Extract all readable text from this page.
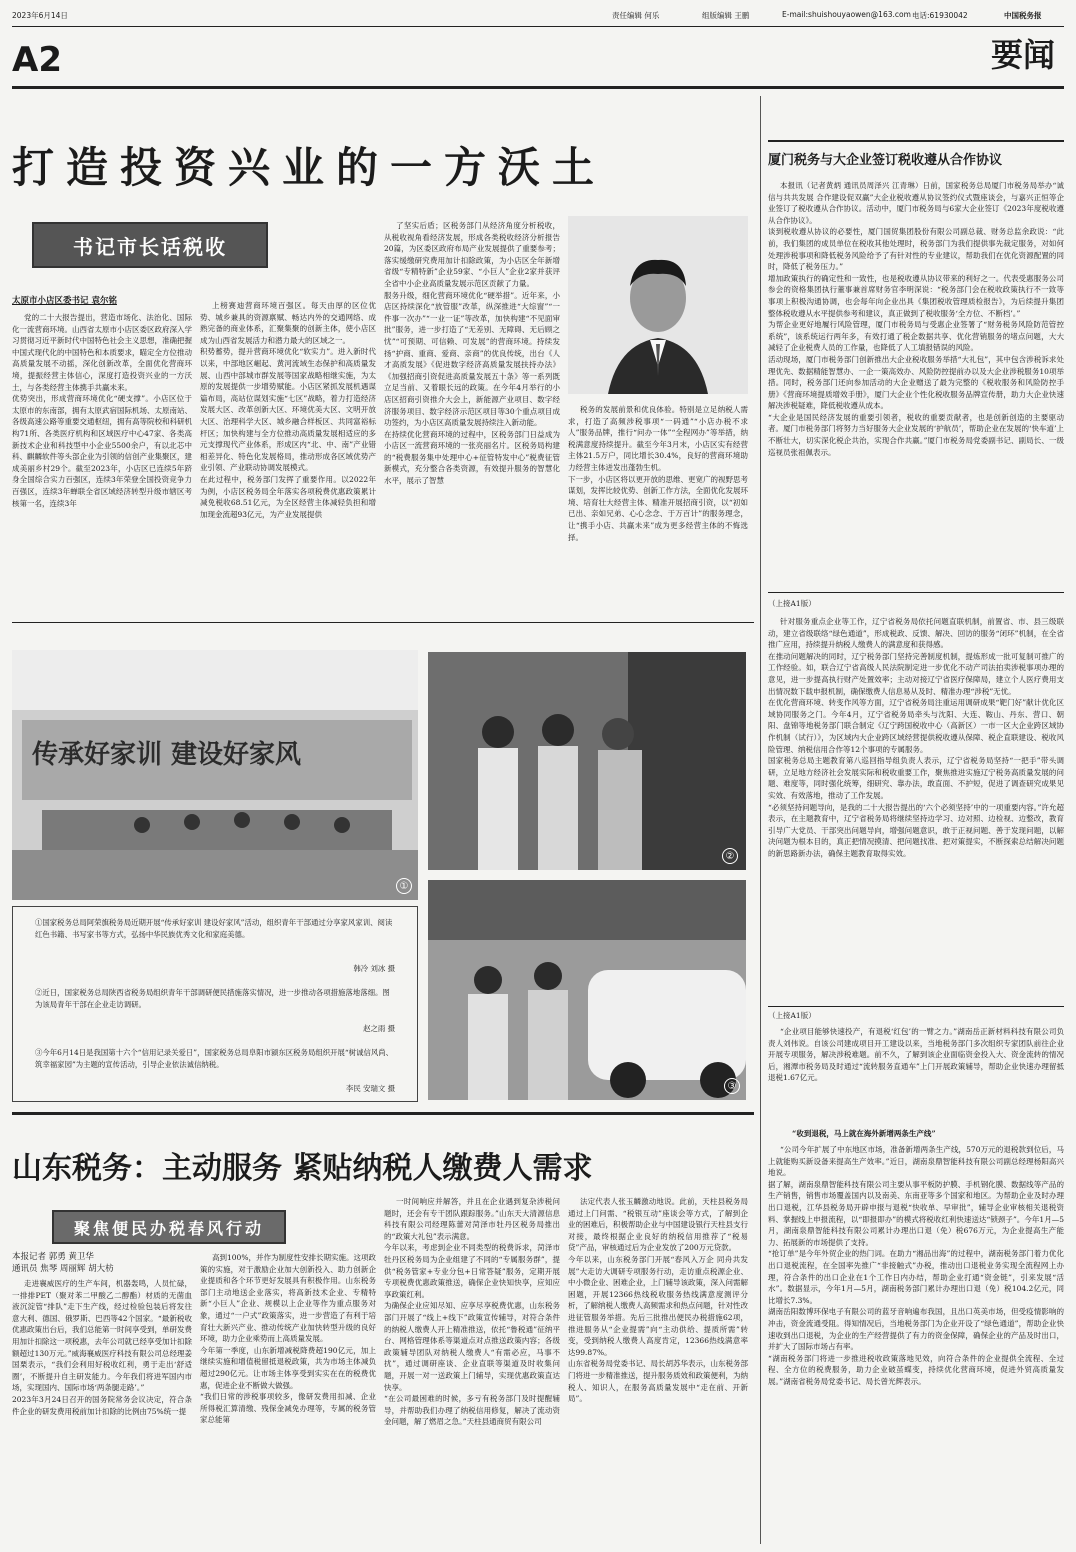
2023年6月14日	责任编辑 何乐	组版编辑 王鹏	E-mail:shuishouyaowen@163.com 电话:61930042	中国税务报
A2	要闻
打造投资兴业的一方沃土
书记市长话税收
太原市小店区委书记 袁尔铭
党的二十大报告提出，营造市场化、法治化、国际化一流营商环境。山西省太原市小店区委区政府深入学习贯彻习近平新时代中国特色社会主义思想，准确把握中国式现代化的中国特色和本质要求，瞄定全方位推动高质量发展不动摇，深化创新改革，全面优化营商环境，提振经营主体信心，深度打造投资兴业的一方沃土，与各类经营主体携手共赢未来。
优势突出，形成营商环境优化“硬支撑”。小店区位于太原市的东南部，拥有太原武宿国际机场、太原南站、各级高速公路等重要交通枢纽，拥有高等院校和科研机构71所、各类医疗机构和区域医疗中心47家、各类高新技术企业和科技型中小企业5500余户，有以北芯中科、麒麟软件等头部企业为引领的信创产业集聚区，建成美丽乡村29个。截至2023年，小店区已连续5年跻身全国综合实力百强区，连续3年荣登全国投资竞争力百强区，连续3年蝉联全省区域经济转型升级市辖区考核第一名，连续3年
上榜赛迪营商环境百强区。每天由厚的区位优势、城乡兼具的资源禀赋、畅达内外的交通网络、成熟完备的商业体系，汇聚集聚的创新主体，使小店区成为山西省发展活力和潜力最大的区域之一。
积势蓄势，提升营商环境优化“软实力”。进入新时代以来，中部地区崛起、黄河流域生态保护和高质量发展、山西中部城市群发展等国家战略相继实施，为太原的发展提供一步增势赋能。小店区紧抓发展机遇谋篇布局，高站位谋划实施“七区”战略，着力打造经济发展大区、改革创新大区、环境优美大区、文明开放大区、治理科学大区、城乡融合样板区、共同富裕标杆区；加快构建与全方位推动高质量发展相适应的多元支撑现代产业体系，形成区内“北、中、南”产业错相差异化、特色化发展格局，推动形成各区域优势产业引领、产业联动协调发展模式。
在此过程中，税务部门发挥了重要作用。以2022年为例，小店区税务局全年落实各项税费优惠政策累计减免税收68.51亿元，为全区经营主体减轻负担和增加现金流超93亿元，为产业发展提供
了坚实后盾；区税务部门从经济角度分析税收，从税收视角看经济发展，形成各类税收经济分析报告20篇，为区委区政府布局产业发展提供了重要参考；落实缓缴研究费用加计扣除政策，为小店区全年新增省级“专精特新”企业59家、“小巨人”企业2家并获评全省中小企业高质量发展示范区贡献了力量。
服务升级，细化营商环境优化“硬举措”。近年来，小店区持续深化“放管服”改革，纵深推进“大综窗”“一件事一次办”“一业一证”等改革，加快构建“不见面审批”服务，进一步打造了“无差别、无障碍、无后顾之忧”“可预期、可信赖、可发展”的营商环境。持续发扬“护商、重商、爱商、亲商”的优良传统，出台《人才高质发展》《促进数字经济高质量发展扶持办法》《加强招商引资促进高质量发展五十条》等一系列既立足当前、又着眼长远的政策。在今年4月举行的小店区招商引资推介大会上，新能源产业项目、数字经济服务项目、数字经济示范区项目等30个重点项目成功签约，为小店区高质量发展持续注入新动能。
在持续优化营商环境的过程中，区税务部门日益成为小店区一流营商环境的一张亮丽名片。区税务局构建的“税费服务集中处理中心+征管特发中心”税费征管新模式，充分整合各类资源，有效提升服务的智慧化水平，展示了智慧
税务的发展前景和优良体验。特别是立足纳税人需求，打造了高频涉税事项“一码通”“小店办税不求人”服务品牌，推行“问办一体”“全程网办”等举措，纳税满意度持续提升。截至今年3月末，小店区实有经营主体21.5万户，同比增长30.4%，良好的营商环境助力经营主体迸发出蓬勃生机。
下一步，小店区将以更开放的思维、更宽广的视野思考谋划，发挥比较优势、创新工作方法，全面优化发展环境、培育壮大经营主体、精准开展招商引资，以“初如已出、亲如兄弟、心心念念、于万百计”的服务理念，让“携手小店、共赢未来”成为更多经营主体的不悔选择。
传承好家训 建设好家风
①
②
③
①国家税务总局阿荣旗税务局近期开展“传承好家训 建设好家风”活动，组织青年干部通过分享家风家训、阅读红色书籍、书写家书等方式，弘扬中华民族优秀文化和家庭美德。
韩冷 刘冰 摄
②近日，国家税务总局陕西省税务局组织青年干部调研便民措施落实情况，进一步推动各项措施落地落细。图为该局青年干部在企业走访调研。
赵之雨 摄
③今年6月14日是我国第十六个“信用记录关爱日”，国家税务总局阜阳市颍东区税务局组织开展“树诚信风尚、筑幸福家园”为主题的宣传活动，引导企业依法诚信纳税。
李民 安瑞文 摄
山东税务：主动服务 紧贴纳税人缴费人需求
聚焦便民办税春风行动
本报记者 郭勇 黄卫华
通讯员 焦琴 周丽辉 胡大枋
走进襄威医疗的生产车间，机器轰鸣，人员忙碌，一排排PET（聚对苯二甲酸乙二醇酯）材质的无菌血液沉淀管“排队”走下生产线，经过检验包装后将发往意大利、德国、俄罗斯、巴西等42个国家。“最新税收优惠政策出台后，我们总能第一时间享受到，单研发费用加计扣除这一项税惠，去年公司就已经享受加计扣除额超过130万元。”威海襄威医疗科技有限公司总经理姜国栗表示，“我们会利用好税收红利，勇于走出‘舒适圈’，不断提升自主研发能力。今年我们将进军国内市场，实现国内、国际市场‘两条腿走路’。”
2023年3月24日召开的国务院常务会议决定，符合条件企业的研发费用税前加计扣除的比例由75%统一提
高到100%，并作为制度性安排长期实施。这项政策的实施，对于激励企业加大创新投入、助力创新企业提质和各个环节更好发展具有积极作用。山东税务部门主动地送企业落实，将高新技术企业、专精特新“小巨人”企业、规模以上企业等作为重点服务对象，通过“一户式”政策落实，进一步营造了有利于培育壮大新兴产业、推动传统产业加快转型升级的良好环境，助力企业乘势而上高质量发展。
今年第一季度，山东新增减税降费超190亿元，加上继续实施和增值税留抵退税政策，共为市场主体减负超过290亿元。让市场主体享受到实实在在的税费优惠，促进企业不断做大做强。
“我们日常的涉税事项较多，像研发费用扣减、企业所得税汇算清缴、残保金减免办理等，专属的税务管家总能第
一时间响应并解答，并且在企业遇到复杂涉税问题时，还会有专干团队跟踪服务。”山东天大清源信息科技有限公司经理陈蕾对菏泽市牡丹区税务局推出的“政策大礼包”表示满意。
今年以来，考虑到企业不同类型的税费诉求，菏泽市牡丹区税务局为企业组建了不同的“专属服务群”，提供“税务管家+专业分包+日常答疑”服务，定期开展专项税费优惠政策推送，确保企业快知快享，应知应享政策红利。
为确保企业应知尽知、应享尽享税费优惠，山东税务部门开展了“线上+线下”政策宣传辅导，对符合条件的纳税人缴费人开上精准推送，依托“鲁税通”征纳平台、网格管理体系等渠道点对点推送政策内容；各级政策辅导团队对纳税人缴费人“有需必应，马事不扰”，通过调研座谈、企业直联等渠道及时收集问题，开展一对一送政策上门辅导，实现优惠政策直达快享。
“在公司最困难的时候，多亏有税务部门及时提醒辅导，并帮助我们办理了纳税信用修复，解决了流动资金问题，解了燃眉之急。”天柱县通商贸有限公司
法定代表人张玉麟激动地说。此前，天柱县税务局通过上门问需、“税银互动”座谈会等方式，了解到企业的困难后，积极帮助企业与中国建设银行天柱县支行对接，最终根据企业良好的纳税信用推荐了“税易贷”产品，审核通过后为企业发放了200万元贷款。
今年以来，山东税务部门开展“春风入万企 同舟共发展”大走访大调研专项服务行动，走访重点税源企业、中小微企业、困难企业，上门辅导该政策，深入问需解困题，开展12366热线税收服务热线满意度测评分析，了解纳税人缴费人高频需求和热点问题，针对性改进征管服务举措。先后三批推出便民办税措施62项，推进服务从“企业提需”向“主动供给、提质所需”转变，受到纳税人缴费人高度肯定，12366热线满意率达99.87%。
山东省税务局党委书记、局长胡苏华表示，山东税务部门将进一步精准推送，提升服务质效和政策便利，为纳税人、知识人，在服务高质量发展中“走在前、开新局”。
厦门税务与大企业签订税收遵从合作协议
本报讯（记者黄炳 通讯员周泽兴 江青琳）日前，国家税务总局厦门市税务局举办“诚信与共共发展 合作建设促双赢”大企业税收遵从协议签约仪式暨座谈会，与嘉兴正恒等企业签订了税收遵从合作协议。活动中，厦门市税务局与6家大企业签订《2023年度税收遵从合作协议》。
谈到税收遵从协议的必要性，厦门国贸集团股份有限公司副总裁、财务总监余政说：“此前，我们集团的成员单位在税收其他处理时，税务部门为我们提供事先裁定服务，对如何处理涉税事项和降低税务风险给予了有针对性的专业建议，帮助我们在优化资源配置的同时，降低了税务压力。”
增加政策执行的确定性和一致性，也是税收遵从协议带来的利好之一。代表受惠服务公司参会的资格集团执行董事兼首席财务官李明深说：“税务部门会在税收政策执行不一致等事项上积极沟通协调，也会每年向企业出具《集团税收管理质检报告》，为后续提升集团整体税收遵从水平提供参考和建议，真正做到了税收服务‘全方位、不断档’。”
为帮企业更好地履行风险管理，厦门市税务局与受惠企业签署了“财务税务风险防范管控系统”，该系统运行两年多，有效打通了税企数据共享、优化营销服务的堵点问题，大大减轻了企业税费人员的工作量，也降低了人工填报错误的风险。
活动现场，厦门市税务部门创新推出大企业税收服务举措“大礼包”，其中包含涉税诉求处理优先、数据精能智慧办、一企一策高效办、风险防控提前办以及大企业涉税服务10项举措。同时，税务部门还向参加活动的大企业赠送了最为完整的《税收服务和风险防控手册》《营商环境提质增效手册》，厦门大企业个性化税收服务品牌宣传册，助力大企业快速解决涉税疑难，降低税收遵从成本。
“大企业是国民经济发展的重要引领者，税收的重要贡献者，也是创新创造的主要驱动者。厦门市税务部门将努力当好服务大企业发展的‘护航员’，帮助企业在发展的‘快车道’上不断壮大，切实深化税企共治，实现合作共赢。”厦门市税务局党委副书记、副局长、一级巡视员张祖佩表示。
（上接A1版）
针对服务重点企业等工作，辽宁省税务局依托问题直联机制，前置省、市、县三级联动，建立省级联络“绿色通道”，形成税政、反馈、解决、回访的服务“闭环”机制，在全省推广应用，持续提升纳税人缴费人的满意度和获得感。
在推动问题解决的同时，辽宁税务部门坚持完善制度机制，提炼形成一批可复制可推广的工作经验。如，联合辽宁省高级人民法院制定进一步优化不动产司法拍卖涉税事项办理的意见，进一步提高执行财产处置效率；主动对接辽宁省医疗保障局，建立个人医疗费用支出情况数下载申报机制，确保缴费人信息易从及时、精准办理“涉税”无忧。
在优化营商环境、转变作风等方面，辽宁省税务局注重运用调研成果“靶门好”献计优化区域协同服务之门。今年4月，辽宁省税务局牵头与沈阳、大连、鞍山、丹东、营口、朝阳、盘锦等地税务部门联合制定《辽宁跨国税收中心（高新区）一市一区大企业跨区域协作机制（试行）》，为区域内大企业跨区域经营提供税收遵从保障、税企直联建设、税收风险管理、纳税信用合作等12个事项的专属服务。
国家税务总局主题教育第八巡回指导组负责人表示，辽宁省税务局坚持“一把手”带头调研，立足地方经济社会发展实际和税收重要工作，聚焦推进实施辽宁税务高质量发展的问题、难度等，同时强化统筹，细研究、靠办法，敢直面、不护短，促进了调查研究成果见实效、有效落地，推动了工作发展。
“必须坚持问题导向，是我的二十大报告提出的‘六个必须坚持’中的一项重要内容。”许允超表示，在主题教育中，辽宁省税务局将继续坚持边学习、边对照、边检视、边整改，教育引导广大党员、干部突出问题导向，增强问题意识，敢于正视问题、善于发现问题，以解决问题为根本目的，真正把情况摸清、把问题找准、把对策提实，不断探索总结解决问题的新思路新办法，确保主题教育取得实效。
（上接A1版）
“企业项目能够快速投产，有退税‘红包’的一臂之力。”湖南岳正新材料科技有限公司负责人刘伟说。自该公司建成项目开工建设以来，当地税务部门多次组织专家团队前往企业开展专项服务，解决涉税难题。前不久，了解到该企业面临资金投入大、资金流转的情况后，湘潭市税务局及时通过“流转服务直通车”上门开展政策辅导，帮助企业快速办理留抵退税1.67亿元。
“收到退税，马上就在海外新增两条生产线”
“公司今年扩展了中东地区市场，准备新增两条生产线，570万元的退税款到位后，马上就能购买新设备来提高生产效率。”近日，湖南泉鼎智能科技有限公司副总经理杨阳高兴地说。
据了解，湖南泉鼎智能科技有限公司主要从事平板防护膜、手机钢化膜、数据线等产品的生产销售，销售市场覆盖国内以及南美、东南亚等多个国家和地区。为帮助企业及时办理出口退税，江华县税务局开辟申报与退税“快收单、早审批”，辅导企业审核相关退税资料、掌握线上申报流程，以“即报即办”的模式将税收红利快速送达“锁颈子”。今年1月—5月，湖南泉鼎智能科技有限公司累计办理出口退（免）税676万元，为企业提高生产能力、拓展新的市场提供了支持。
“抢订单”是今年外贸企业的热门词。在助力“湘品出海”的过程中，湖南税务部门着力优化出口退税流程，在全国率先推广“非接触式”办税，推动出口退税业务实现全流程网上办理，符合条件的出口企业在1个工作日内办结，帮助企业打通“资金链”，引来发展“活水”。数据显示，今年1月—5月，湖南税务部门累计办理出口退（免）税104.2亿元，同比增长7.3%。
湖南岳阳数博环保电子有限公司的蓝牙音响遍布我国，且出口英美市场，但受疫情影响的冲击，资金流通受阻。得知情况后，当地税务部门为企业开设了“绿色通道”，帮助企业快速收到出口退税，为企业的生产经营提供了有力的资金保障，确保企业的产品及时出口，并扩大了国际市场占有率。
“湖南税务部门将进一步推进税收政策落地见效，向符合条件的企业提供全流程、全过程、全方位的税费服务，助力企业破茧蝶变，持续优化营商环境，促进外贸高质量发展。”湖南省税务局党委书记、局长曾光辉表示。
